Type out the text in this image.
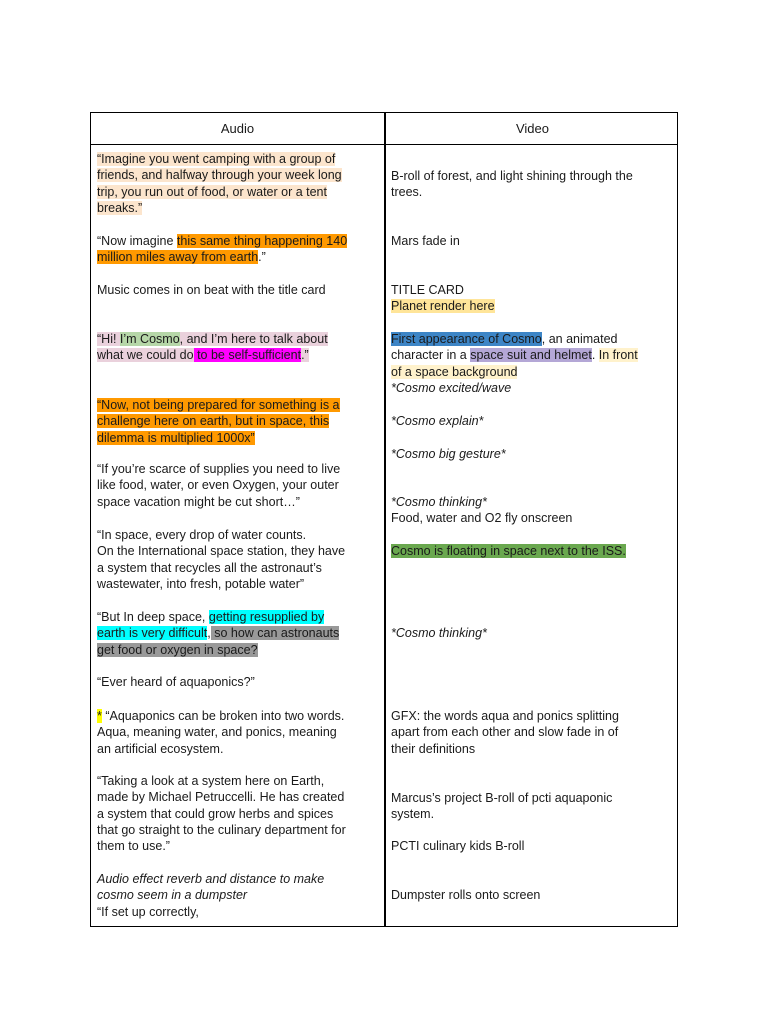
Audio	Video
“Imagine you went camping with a group of
friends, and halfway through your week long
trip, you run out of food, or water or a tent
breaks.”
“Now imagine this same thing happening 140
million miles away from earth.”
Music comes in on beat with the title card
“Hi! I’m Cosmo, and I’m here to talk about
what we could do to be self-sufficient.”
“Now, not being prepared for something is a
challenge here on earth, but in space, this
dilemma is multiplied 1000x”
“If you’re scarce of supplies you need to live
like food, water, or even Oxygen, your outer
space vacation might be cut short…”
“In space, every drop of water counts.
On the International space station, they have
a system that recycles all the astronaut’s
wastewater, into fresh, potable water”
“But In deep space, getting resupplied by
earth is very difficult, so how can astronauts
get food or oxygen in space?
“Ever heard of aquaponics?”
* “Aquaponics can be broken into two words.
Aqua, meaning water, and ponics, meaning
an artificial ecosystem.
“Taking a look at a system here on Earth,
made by Michael Petruccelli. He has created
a system that could grow herbs and spices
that go straight to the culinary department for
them to use.”
Audio effect reverb and distance to make
cosmo seem in a dumpster
“If set up correctly,
B-roll of forest, and light shining through the
trees.
Mars fade in
TITLE CARD
Planet render here
First appearance of Cosmo, an animated
character in a space suit and helmet. In front
of a space background
*Cosmo excited/wave
*Cosmo explain*
*Cosmo big gesture*
*Cosmo thinking*
Food, water and O2 fly onscreen
Cosmo is floating in space next to the ISS.
*Cosmo thinking*
GFX: the words aqua and ponics splitting
apart from each other and slow fade in of
their definitions
Marcus’s project B-roll of pcti aquaponic
system.
PCTI culinary kids B-roll
Dumpster rolls onto screen
